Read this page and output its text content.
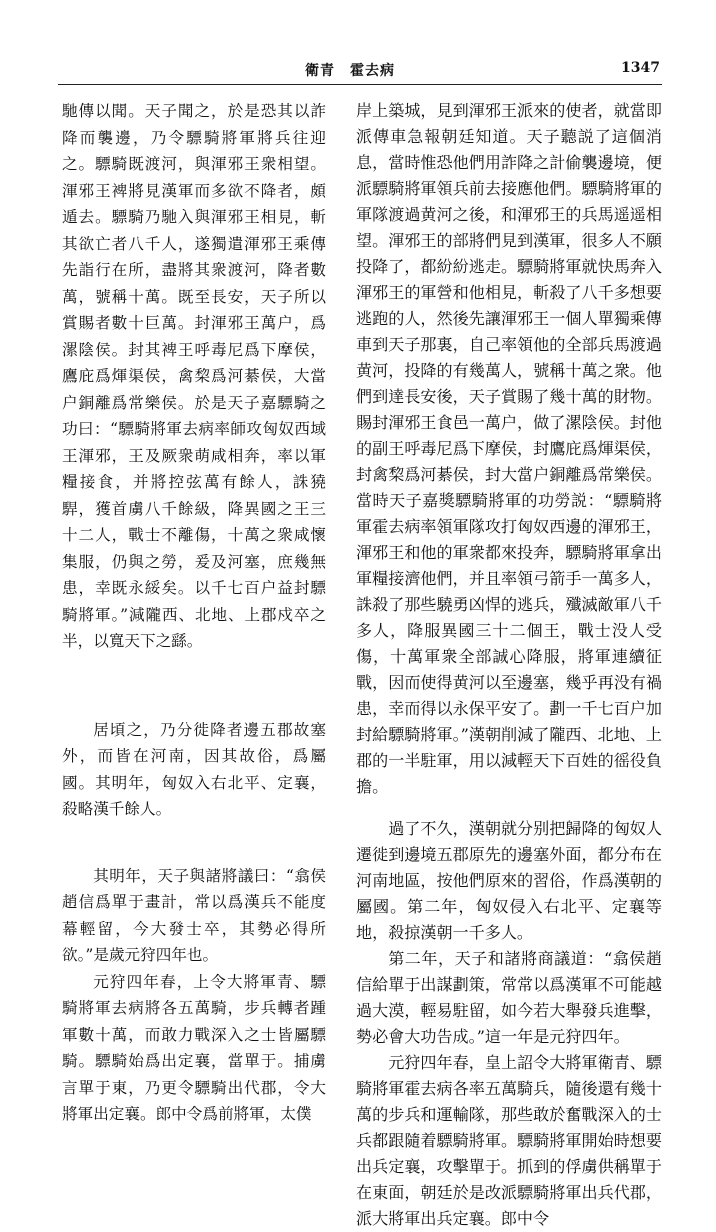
衛青　霍去病	1347

馳傳以聞。天子聞之，於是恐其以詐降而襲邊，乃令驃騎將軍將兵往迎之。驃騎既渡河，與渾邪王衆相望。渾邪王裨將見漢軍而多欲不降者，頗遁去。驃騎乃馳入與渾邪王相見，斬其欲亡者八千人，遂獨遣渾邪王乘傳先詣行在所，盡將其衆渡河，降者數萬，號稱十萬。既至長安，天子所以賞賜者數十巨萬。封渾邪王萬户，爲漯陰侯。封其裨王呼毒尼爲下摩侯，鷹庇爲煇渠侯，禽棃爲河綦侯，大當户銅離爲常樂侯。於是天子嘉驃騎之功曰：“驃騎將軍去病率師攻匈奴西域王渾邪，王及厥衆萌咸相奔，率以軍糧接食，并將控弦萬有餘人，誅獟駻，獲首虜八千餘級，降異國之王三十二人，戰士不離傷，十萬之衆咸懷集服，仍與之勞，爰及河塞，庶幾無患，幸既永綏矣。以千七百户益封驃騎將軍。”減隴西、北地、上郡戍卒之半，以寬天下之繇。

居頃之，乃分徙降者邊五郡故塞外，而皆在河南，因其故俗，爲屬國。其明年，匈奴入右北平、定襄，殺略漢千餘人。

其明年，天子與諸將議曰：“翕侯趙信爲單于畫計，常以爲漢兵不能度幕輕留，今大發士卒，其勢必得所欲。”是歲元狩四年也。

元狩四年春，上令大將軍青、驃騎將軍去病將各五萬騎，步兵轉者踵軍數十萬，而敢力戰深入之士皆屬驃騎。驃騎始爲出定襄，當單于。捕虜言單于東，乃更令驃騎出代郡，令大將軍出定襄。郎中令爲前將軍，太僕

岸上築城，見到渾邪王派來的使者，就當即派傳車急報朝廷知道。天子聽説了這個消息，當時惟恐他們用詐降之計偷襲邊境，便派驃騎將軍領兵前去接應他們。驃騎將軍的軍隊渡過黄河之後，和渾邪王的兵馬遥遥相望。渾邪王的部將們見到漢軍，很多人不願投降了，都紛紛逃走。驃騎將軍就快馬奔入渾邪王的軍營和他相見，斬殺了八千多想要逃跑的人，然後先讓渾邪王一個人單獨乘傳車到天子那裏，自己率領他的全部兵馬渡過黄河，投降的有幾萬人，號稱十萬之衆。他們到達長安後，天子賞賜了幾十萬的財物。賜封渾邪王食邑一萬户，做了漯陰侯。封他的副王呼毒尼爲下摩侯，封鷹庇爲煇渠侯，封禽棃爲河綦侯，封大當户銅離爲常樂侯。當時天子嘉獎驃騎將軍的功勞説：“驃騎將軍霍去病率領軍隊攻打匈奴西邊的渾邪王，渾邪王和他的軍衆都來投奔，驃騎將軍拿出軍糧接濟他們，并且率領弓箭手一萬多人，誅殺了那些驍勇凶悍的逃兵，殲滅敵軍八千多人，降服異國三十二個王，戰士没人受傷，十萬軍衆全部誠心降服，將軍連續征戰，因而使得黄河以至邊塞，幾乎再没有禍患，幸而得以永保平安了。劃一千七百户加封給驃騎將軍。”漢朝削減了隴西、北地、上郡的一半駐軍，用以減輕天下百姓的徭役負擔。

過了不久，漢朝就分别把歸降的匈奴人遷徙到邊境五郡原先的邊塞外面，都分布在河南地區，按他們原來的習俗，作爲漢朝的屬國。第二年，匈奴侵入右北平、定襄等地，殺掠漢朝一千多人。

第二年，天子和諸將商議道：“翕侯趙信給單于出謀劃策，常常以爲漢軍不可能越過大漠，輕易駐留，如今若大舉發兵進擊，勢必會大功告成。”這一年是元狩四年。

元狩四年春，皇上詔令大將軍衛青、驃騎將軍霍去病各率五萬騎兵，隨後還有幾十萬的步兵和運輸隊，那些敢於奮戰深入的士兵都跟隨着驃騎將軍。驃騎將軍開始時想要出兵定襄，攻擊單于。抓到的俘虜供稱單于在東面，朝廷於是改派驃騎將軍出兵代郡，派大將軍出兵定襄。郎中令
